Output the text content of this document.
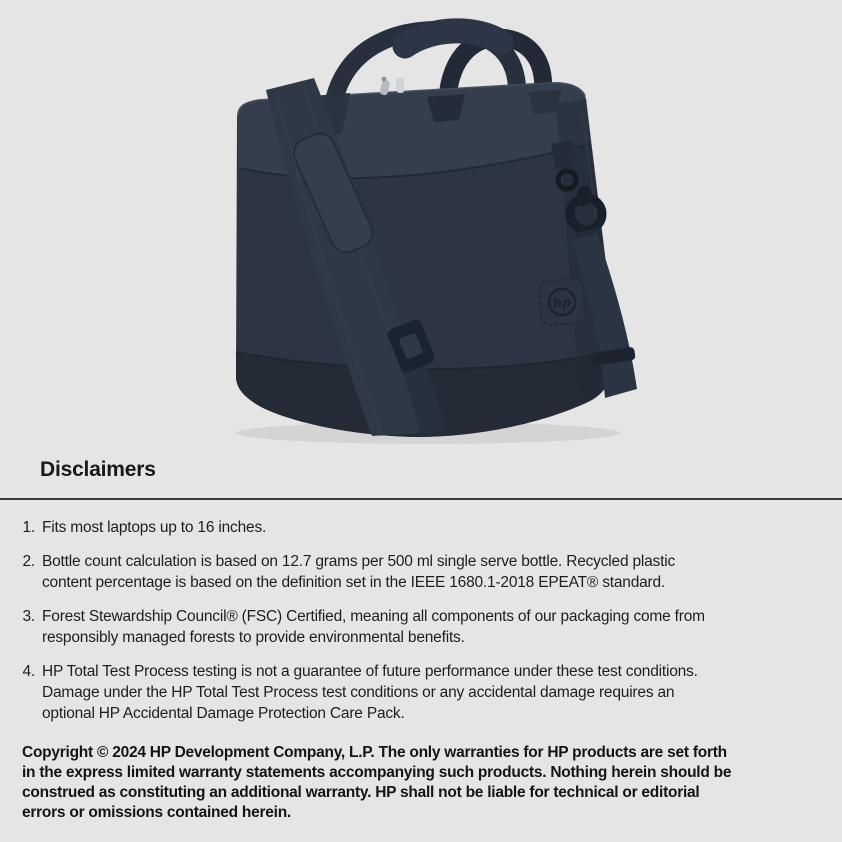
hp
Disclaimers
1. Fits most laptops up to 16 inches.
2. Bottle count calculation is based on 12.7 grams per 500 ml single serve bottle. Recycled plastic content percentage is based on the definition set in the IEEE 1680.1-2018 EPEAT® standard.
3. Forest Stewardship Council® (FSC) Certified, meaning all components of our packaging come from responsibly managed forests to provide environmental benefits.
4. HP Total Test Process testing is not a guarantee of future performance under these test conditions. Damage under the HP Total Test Process test conditions or any accidental damage requires an optional HP Accidental Damage Protection Care Pack.

Copyright © 2024 HP Development Company, L.P. The only warranties for HP products are set forth in the express limited warranty statements accompanying such products. Nothing herein should be construed as constituting an additional warranty. HP shall not be liable for technical or editorial errors or omissions contained herein.
